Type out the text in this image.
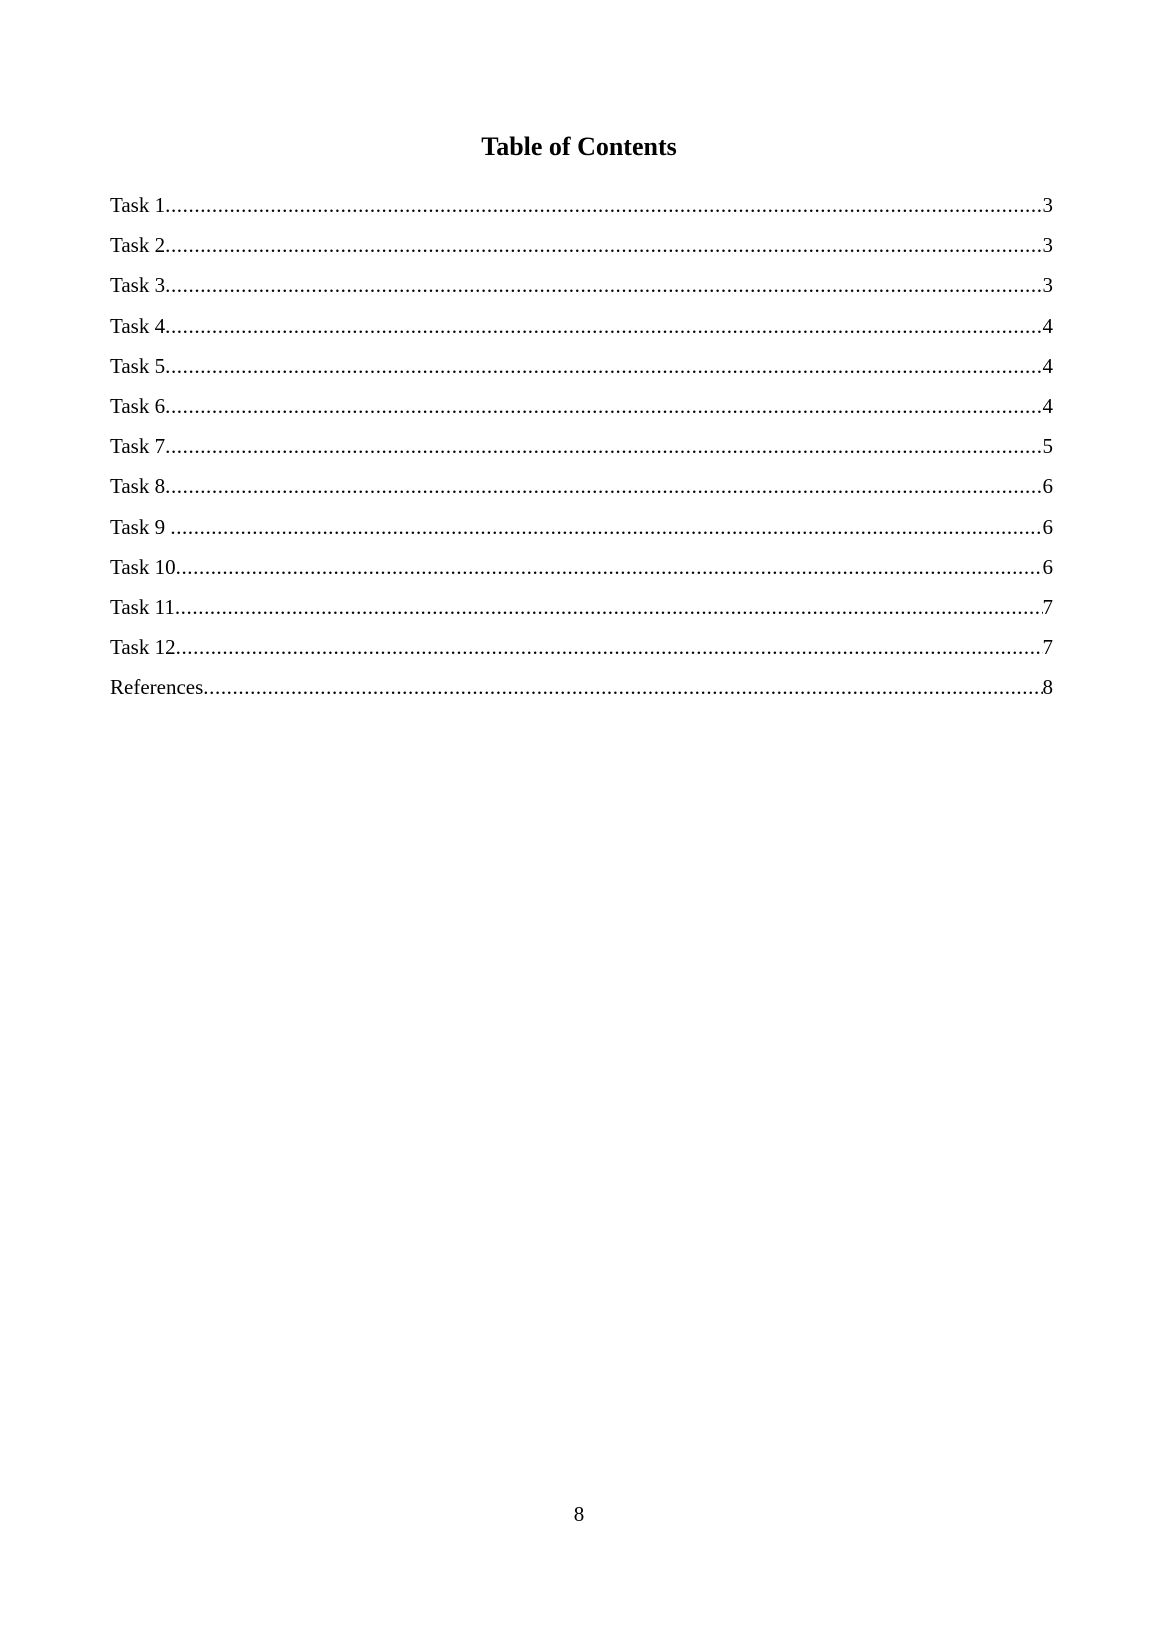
Table of Contents
Task 1 .....	3
Task 2 .....	3
Task 3 .....	3
Task 4 .....	4
Task 5 .....	4
Task 6 .....	4
Task 7 .....	5
Task 8 .....	6
Task 9 .....	6
Task 10 .....	6
Task 11 .....	7
Task 12 .....	7
References .....	8
8
